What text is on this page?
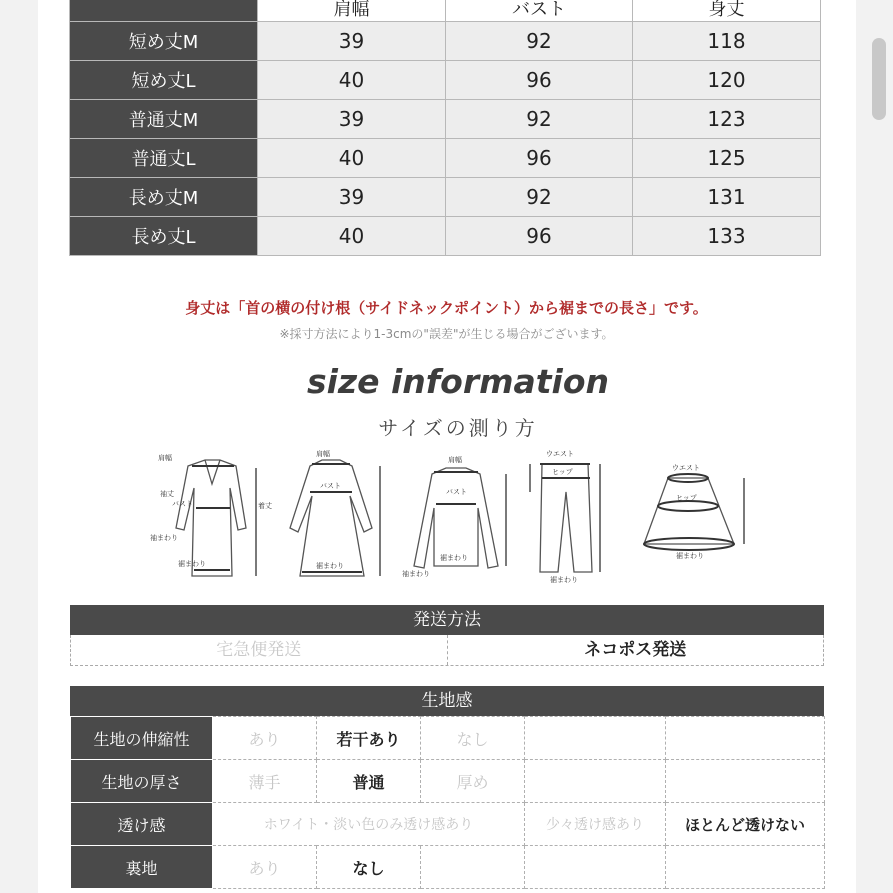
	肩幅	バスト	身丈
短め丈M	39	92	118
短め丈L	40	96	120
普通丈M	39	92	123
普通丈L	40	96	125
長め丈M	39	92	131
長め丈L	40	96	133
身丈は「首の横の付け根（サイドネックポイント）から裾までの長さ」です。
※採寸方法により1-3cmの"誤差"が生じる場合がございます。
size information
サイズの測り方
肩幅
袖丈
バスト
袖まわり
裾まわり
着丈
肩幅
バスト
裾まわり
肩幅
バスト
裾まわり
袖まわり
ウエスト
ヒップ
裾まわり
ウエスト
ヒップ
裾まわり
発送方法
宅急便発送	ネコポス発送
生地感
生地の伸縮性	あり	若干あり	なし		
生地の厚さ	薄手	普通	厚め		
透け感	ホワイト・淡い色のみ透け感あり			少々透け感あり	ほとんど透けない
裏地	あり	なし			
